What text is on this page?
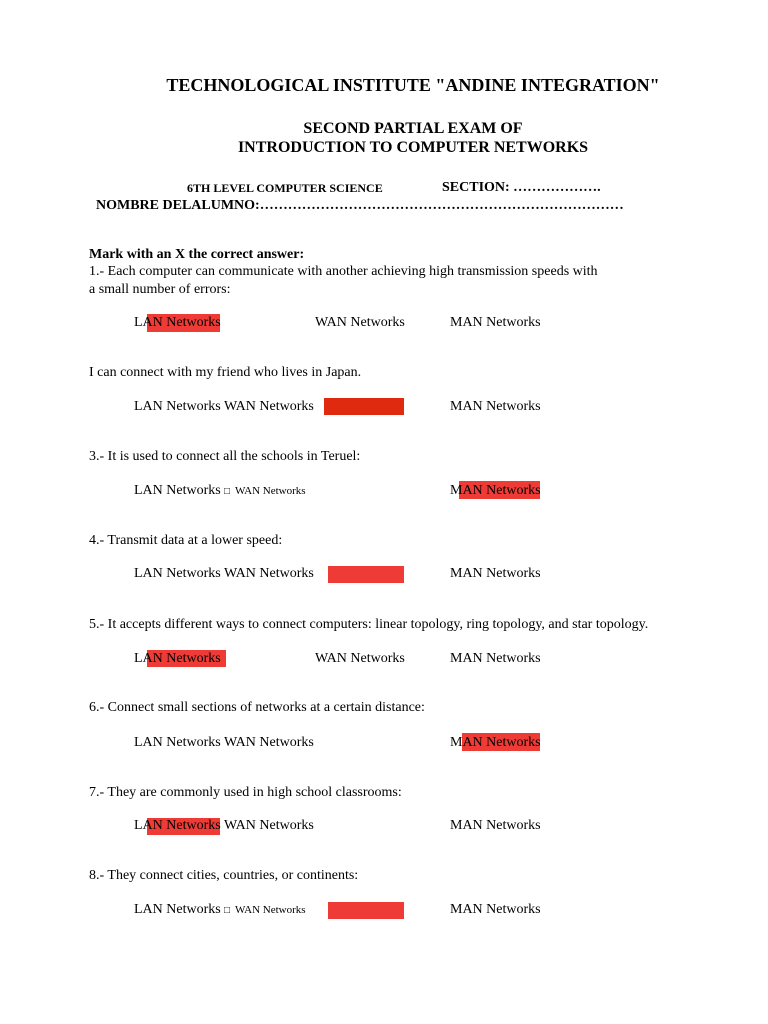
TECHNOLOGICAL INSTITUTE "ANDINE INTEGRATION"
SECOND PARTIAL EXAM OF
INTRODUCTION TO COMPUTER NETWORKS
6TH LEVEL COMPUTER SCIENCE	SECTION: ……………….
NOMBRE DELALUMNO:……………………………………………………………………
Mark with an X the correct answer:
1.- Each computer can communicate with another achieving high transmission speeds with
a small number of errors:
LAN Networks	WAN Networks	MAN Networks
I can connect with my friend who lives in Japan.
LAN Networks WAN Networks	MAN Networks
3.- It is used to connect all the schools in Teruel:
LAN Networks □ WAN Networks	MAN Networks
4.- Transmit data at a lower speed:
LAN Networks WAN Networks	MAN Networks
5.- It accepts different ways to connect computers: linear topology, ring topology, and star topology.
LAN Networks	WAN Networks	MAN Networks
6.- Connect small sections of networks at a certain distance:
LAN Networks WAN Networks	MAN Networks
7.- They are commonly used in high school classrooms:
LAN Networks WAN Networks	MAN Networks
8.- They connect cities, countries, or continents:
LAN Networks □ WAN Networks	MAN Networks
